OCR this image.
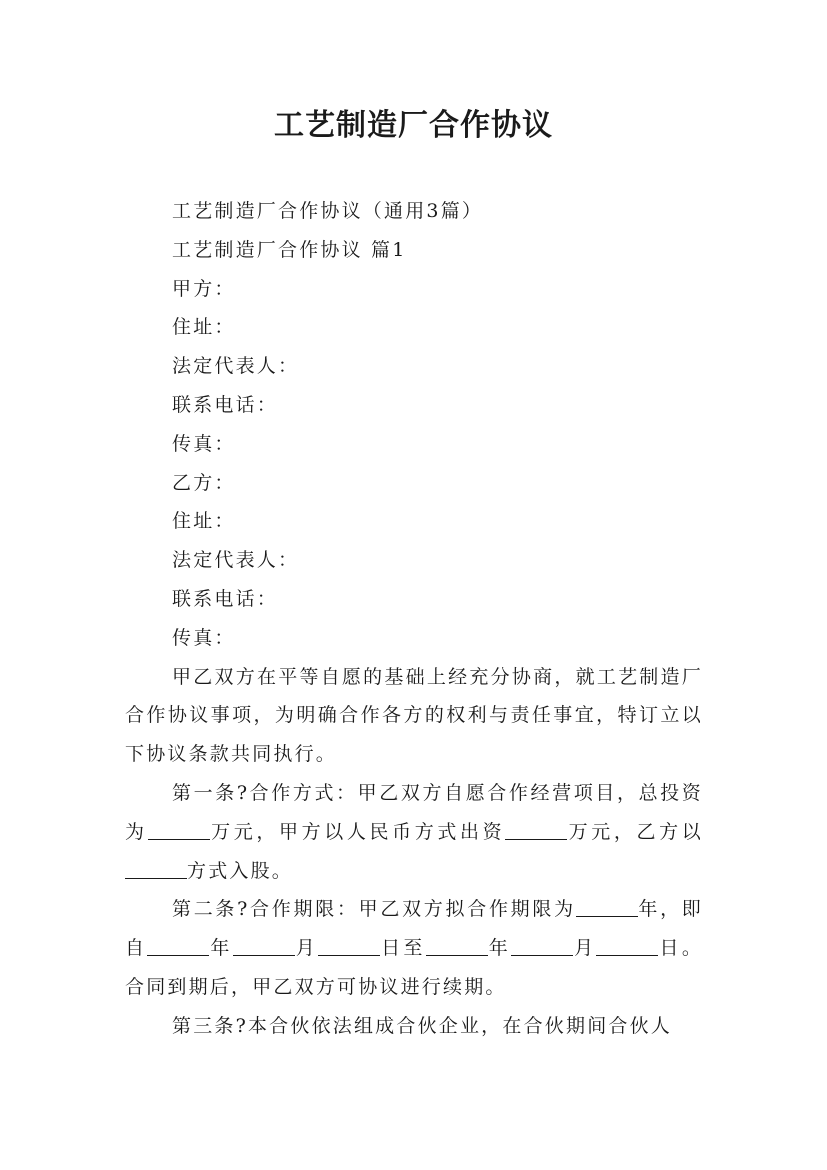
工艺制造厂合作协议

工艺制造厂合作协议（通用3篇）

工艺制造厂合作协议 篇1

甲方：

住址：

法定代表人：

联系电话：

传真：

乙方：

住址：

法定代表人：

联系电话：

传真：

甲乙双方在平等自愿的基础上经充分协商，就工艺制造厂合作协议事项，为明确合作各方的权利与责任事宜，特订立以下协议条款共同执行。

第一条?合作方式：甲乙双方自愿合作经营项目，总投资为	万元，甲方以人民币方式出资	万元，乙方以方式入股。

第二条?合作期限：甲乙双方拟合作期限为	年，即自	年	月	日至	年	月	日。合同到期后，甲乙双方可协议进行续期。

第三条?本合伙依法组成合伙企业，在合伙期间合伙人
